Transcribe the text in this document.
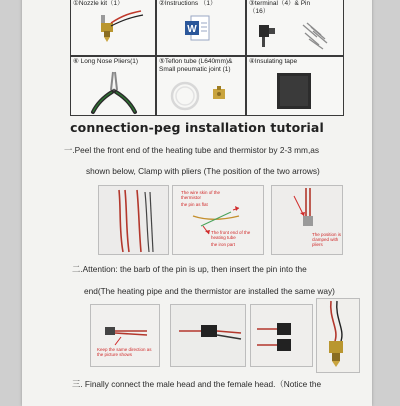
①Nozzle kit（1）	②Instructions （1）
W
③terminal（4）& Pin
（16）
⑥ Long Nose Pliers(1)	⑤Teflon tube (L640mm)&
Small pneumatic joint (1)
④Insulating tape
connection-peg installation tutorial
一.Peel the front end of the heating tube and thermistor by 2-3 mm,as
shown below, Clamp with pliers (The position of the two arrows)
The wire skin of the thermistor
the pin as flat
The front end of the heating tube
the iron part
The position is clamped with pliers
二.Attention: the barb of the pin is up, then insert the pin into the
end(The heating pipe and the thermistor are installed the same way)
Keep the same direction as the picture shows
三. Finally connect the male head and the female head.（Notice the
